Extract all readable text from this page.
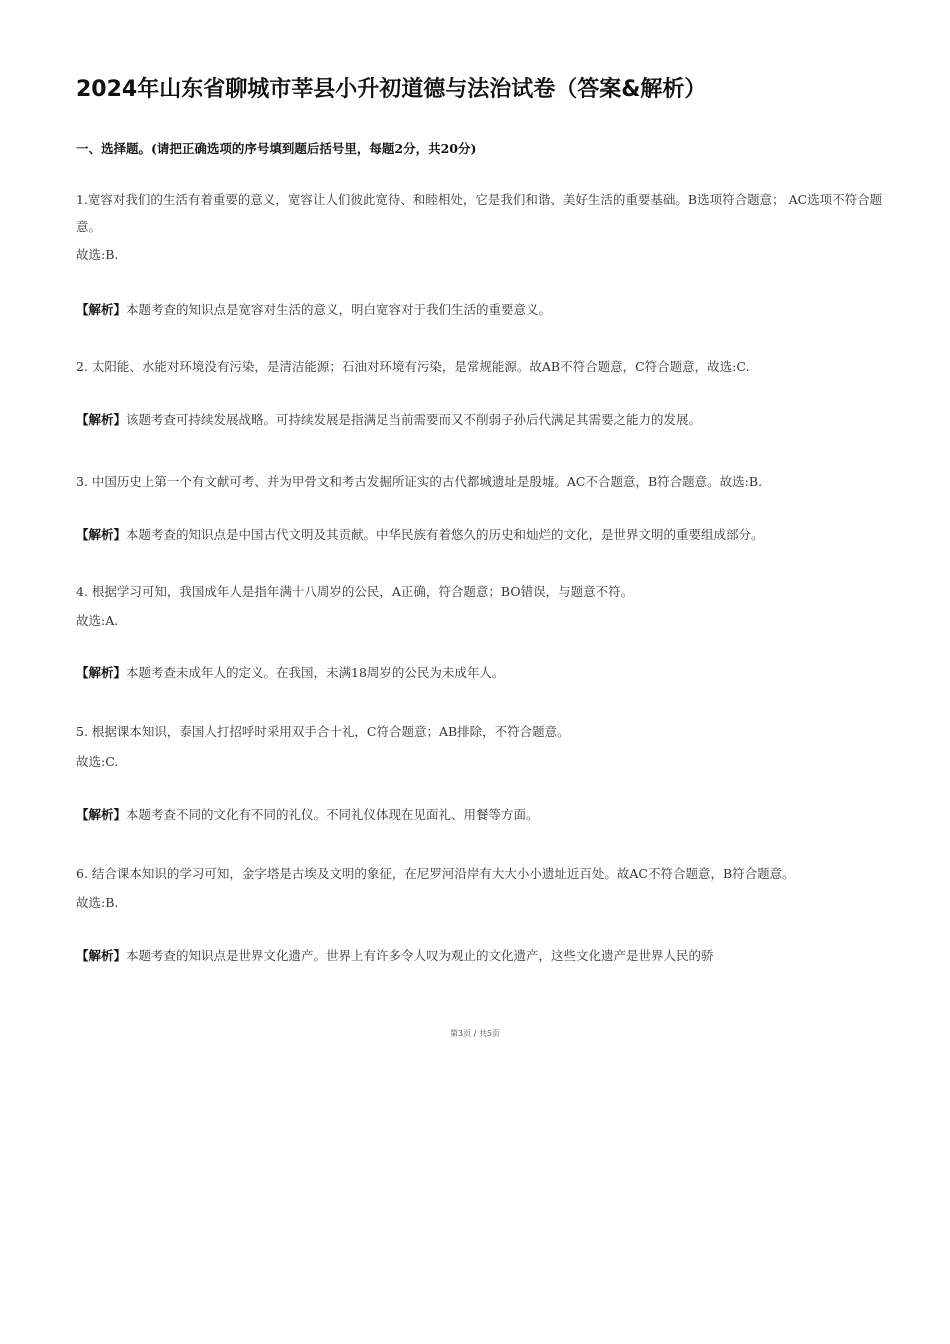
2024年山东省聊城市莘县小升初道德与法治试卷（答案&解析）
一、选择题。(请把正确选项的序号填到题后括号里，每题2分，共20分)
1.宽容对我们的生活有着重要的意义，宽容让人们彼此宽待、和睦相处，它是我们和谐、美好生活的重要基础。B选项符合题意； AC选项不符合题意。
故选:B.
【解析】本题考查的知识点是宽容对生活的意义，明白宽容对于我们生活的重要意义。
2. 太阳能、水能对环境没有污染，是清洁能源；石油对环境有污染，是常规能源。故AB不符合题意，C符合题意，故选:C.
【解析】该题考查可持续发展战略。可持续发展是指满足当前需要而又不削弱子孙后代满足其需要之能力的发展。
3. 中国历史上第一个有文献可考、并为甲骨文和考古发掘所证实的古代都城遗址是殷墟。AC不合题意，B符合题意。故选:B.
【解析】本题考查的知识点是中国古代文明及其贡献。中华民族有着悠久的历史和灿烂的文化，是世界文明的重要组成部分。
4. 根据学习可知，我国成年人是指年满十八周岁的公民，A正确，符合题意；BO错误，与题意不符。
故选:A.
【解析】本题考查未成年人的定义。在我国，未满18周岁的公民为未成年人。
5. 根据课本知识，泰国人打招呼时采用双手合十礼，C符合题意；AB排除，不符合题意。
故选:C.
【解析】本题考查不同的文化有不同的礼仪。不同礼仪体现在见面礼、用餐等方面。
6. 结合课本知识的学习可知，金字塔是古埃及文明的象征，在尼罗河沿岸有大大小小遗址近百处。故AC不符合题意，B符合题意。
故选:B.
【解析】本题考查的知识点是世界文化遗产。世界上有许多令人叹为观止的文化遗产，这些文化遗产是世界人民的骄
第3页 / 共5页
